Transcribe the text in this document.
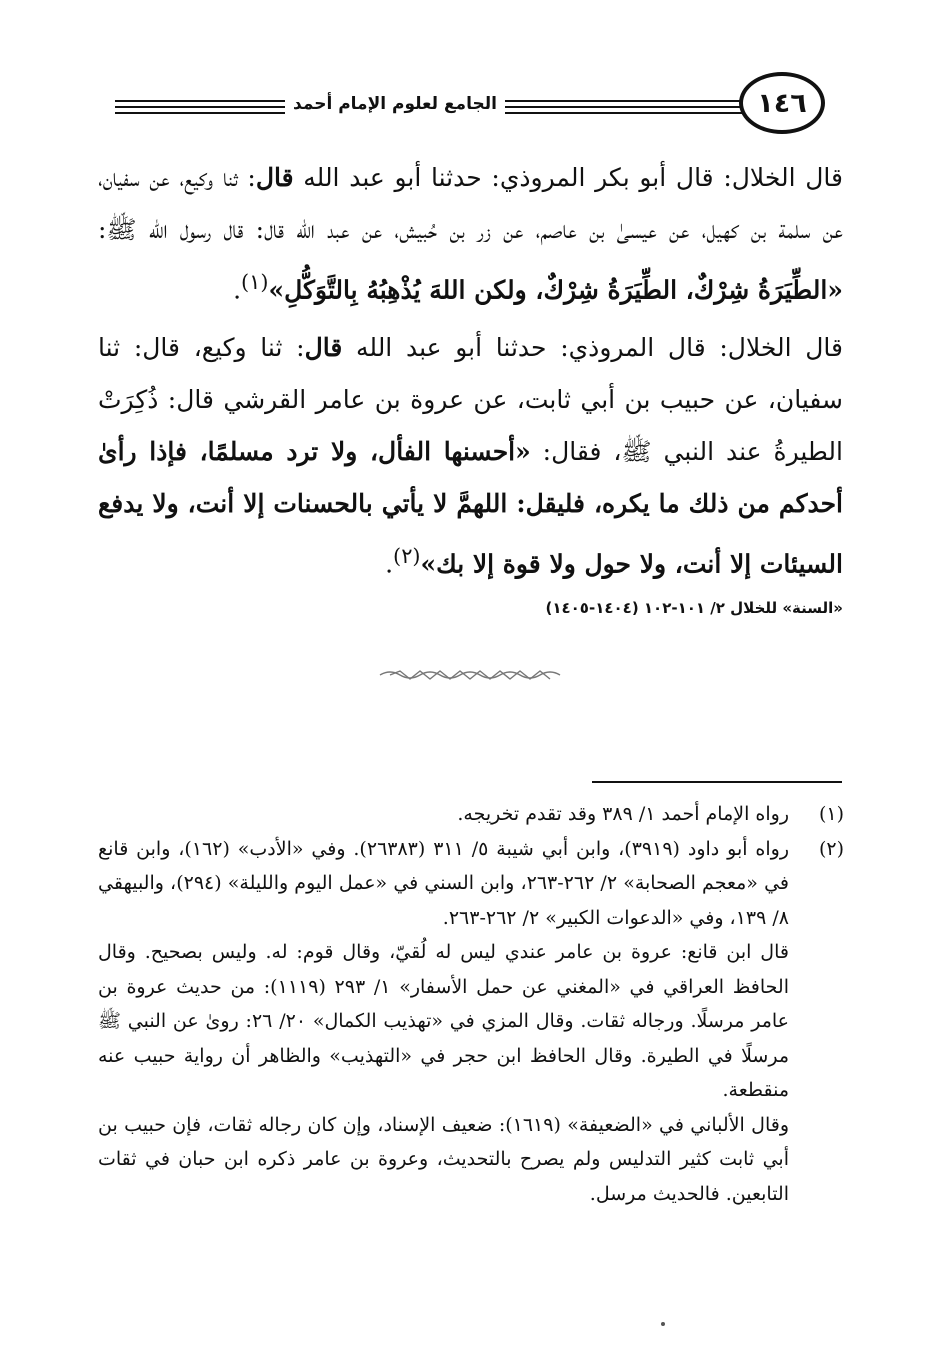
الجامع لعلوم الإمام أحمد	١٤٦
قال الخلال: قال أبو بكر المروذي: حدثنا أبو عبد الله قال: ثنا وكيع، عن سفيان، عن سلمة بن كهيل، عن عيسىٰ بن عاصم، عن زر بن حُبيش، عن عبد الله قال: قال رسول الله ﷺ: «الطِّيَرَةُ شِرْكٌ، الطِّيَرَةُ شِرْكٌ، ولكن اللهَ يُذْهِبُهُ بِالتَّوَكُّلِ»$^{(١)}$.
قال الخلال: قال المروذي: حدثنا أبو عبد الله قال: ثنا وكيع، قال: ثنا سفيان، عن حبيب بن أبي ثابت، عن عروة بن عامر القرشي قال: ذُكِرَتْ الطيرةُ عند النبي ﷺ، فقال: «أحسنها الفأل، ولا ترد مسلمًا، فإذا رأىٰ أحدكم من ذلك ما يكره، فليقل: اللهمَّ لا يأتي بالحسنات إلا أنت، ولا يدفع السيئات إلا أنت، ولا حول ولا قوة إلا بك»$^{(٢)}$.
«السنة» للخلال ٢/ ١٠١-١٠٢ (١٤٠٤-١٤٠٥)
(١)

رواه الإمام أحمد ١/ ٣٨٩ وقد تقدم تخريجه.

(٢)

رواه أبو داود (٣٩١٩)، وابن أبي شيبة ٥/ ٣١١ (٢٦٣٨٣). وفي «الأدب» (١٦٢)، وابن قانع في «معجم الصحابة» ٢/ ٢٦٢-٢٦٣، وابن السني في «عمل اليوم والليلة» (٢٩٤)، والبيهقي ٨/ ١٣٩، وفي «الدعوات الكبير» ٢/ ٢٦٢-٢٦٣.

قال ابن قانع: عروة بن عامر عندي ليس له لُقيّ، وقال قوم: له. وليس بصحيح. وقال الحافظ العراقي في «المغني عن حمل الأسفار» ١/ ٢٩٣ (١١١٩): من حديث عروة بن عامر مرسلًا. ورجاله ثقات. وقال المزي في «تهذيب الكمال» ٢٠/ ٢٦: روىٰ عن النبي ﷺ مرسلًا في الطيرة. وقال الحافظ ابن حجر في «التهذيب» والظاهر أن رواية حبيب عنه منقطعة.

وقال الألباني في «الضعيفة» (١٦١٩): ضعيف الإسناد، وإن كان رجاله ثقات، فإن حبيب بن أبي ثابت كثير التدليس ولم يصرح بالتحديث، وعروة بن عامر ذكره ابن حبان في ثقات التابعين. فالحديث مرسل.
